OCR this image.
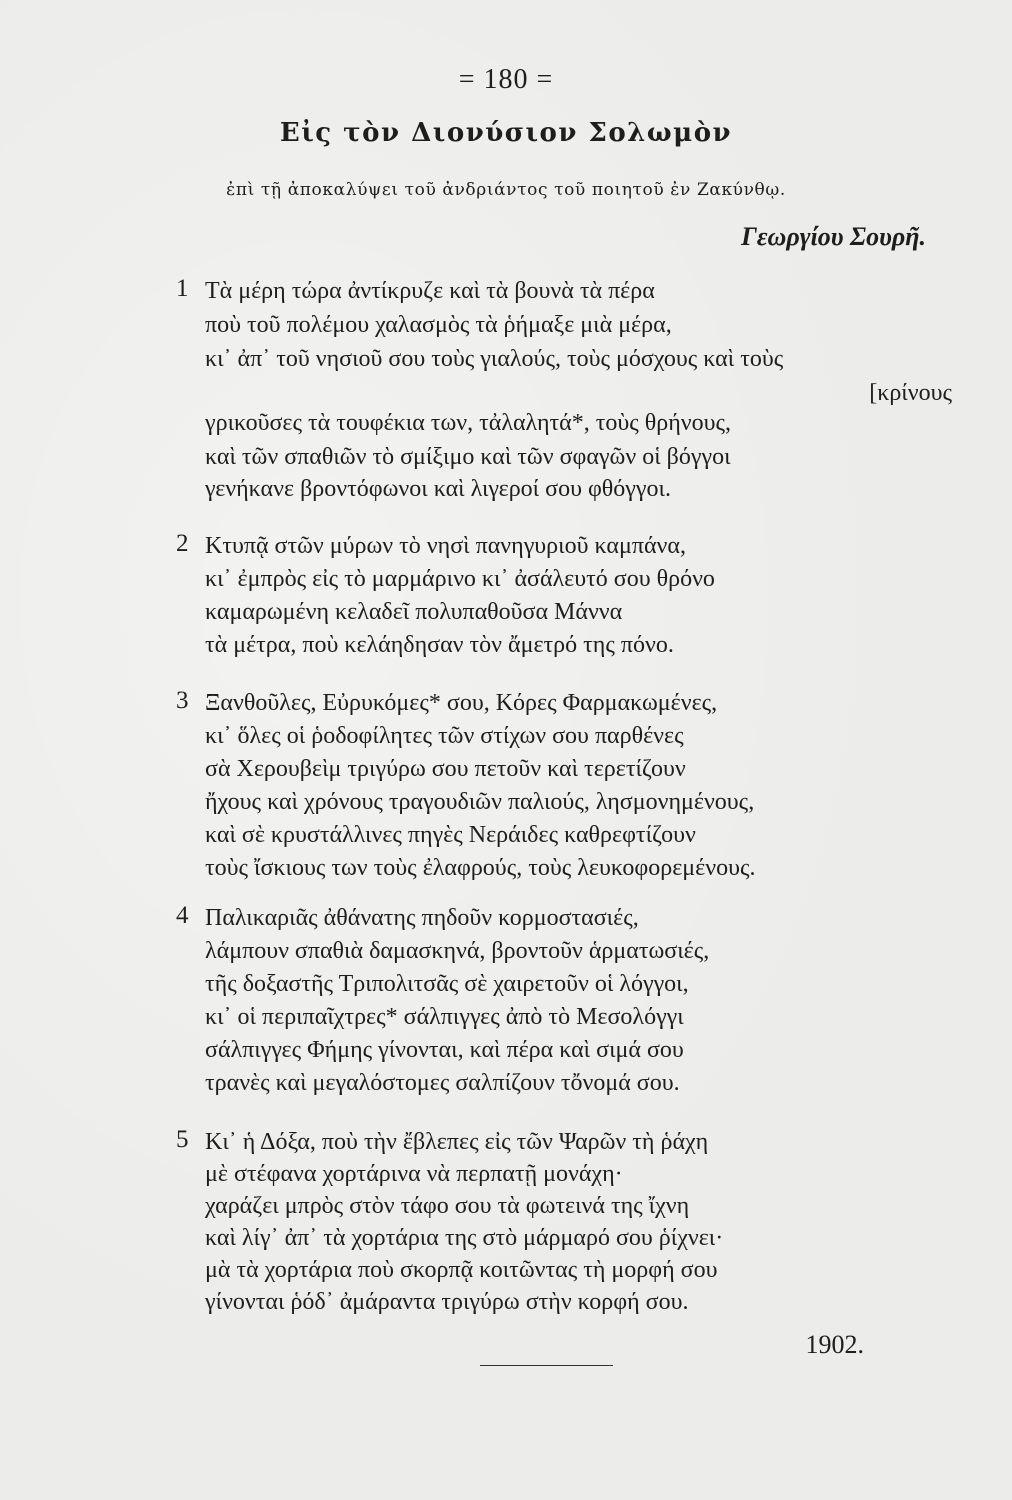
= 180 =
Εἰς τὸν Διονύσιον Σολωμὸν
ἐπὶ τῇ ἀποκαλύψει τοῦ ἀνδριάντος τοῦ ποιητοῦ ἐν Ζακύνθῳ.
Γεωργίου Σουρῆ.
1 Τὰ μέρη τώρα ἀντίκρυζε καὶ τὰ βουνὰ τὰ πέρα
ποὺ τοῦ πολέμου χαλασμὸς τὰ ῥήμαξε μιὰ μέρα,
κι᾽ ἀπ᾽ τοῦ νησιοῦ σου τοὺς γιαλούς, τοὺς μόσχους καὶ τοὺς
[κρίνους
γρικοῦσες τὰ τουφέκια των, τἀλαλητά*, τοὺς θρήνους,
καὶ τῶν σπαθιῶν τὸ σμίξιμο καὶ τῶν σφαγῶν οἱ βόγγοι
γενήκανε βροντόφωνοι καὶ λιγεροί σου φθόγγοι.
2 Κτυπᾷ στῶν μύρων τὸ νησὶ πανηγυριοῦ καμπάνα,
κι᾽ ἐμπρὸς εἰς τὸ μαρμάρινο κι᾽ ἀσάλευτό σου θρόνο
καμαρωμένη κελαδεῖ πολυπαθοῦσα Μάννα
τὰ μέτρα, ποὺ κελάηδησαν τὸν ἄμετρό της πόνο.
3 Ξανθοῦλες, Εὐρυκόμες* σου, Κόρες Φαρμακωμένες,
κι᾽ ὅλες οἱ ῥοδοφίλητες τῶν στίχων σου παρθένες
σὰ Χερουβεὶμ τριγύρω σου πετοῦν καὶ τερετίζουν
ἤχους καὶ χρόνους τραγουδιῶν παλιούς, λησμονημένους,
καὶ σὲ κρυστάλλινες πηγὲς Νεράιδες καθρεφτίζουν
τοὺς ἴσκιους των τοὺς ἐλαφρούς, τοὺς λευκοφορεμένους.
4 Παλικαριᾶς ἀθάνατης πηδοῦν κορμοστασιές,
λάμπουν σπαθιὰ δαμασκηνά, βροντοῦν ἁρματωσιές,
τῆς δοξαστῆς Τριπολιτσᾶς σὲ χαιρετοῦν οἱ λόγγοι,
κι᾽ οἱ περιπαῖχτρες* σάλπιγγες ἀπὸ τὸ Μεσολόγγι
σάλπιγγες Φήμης γίνονται, καὶ πέρα καὶ σιμά σου
τρανὲς καὶ μεγαλόστομες σαλπίζουν τὄνομά σου.
5 Κι᾽ ἡ Δόξα, ποὺ τὴν ἔβλεπες εἰς τῶν Ψαρῶν τὴ ῥάχη
μὲ στέφανα χορτάρινα νὰ περπατῇ μονάχη·
χαράζει μπρὸς στὸν τάφο σου τὰ φωτεινά της ἴχνη
καὶ λίγ᾽ ἀπ᾽ τὰ χορτάρια της στὸ μάρμαρό σου ῥίχνει·
μὰ τὰ χορτάρια ποὺ σκορπᾷ κοιτῶντας τὴ μορφή σου
γίνονται ῥόδ᾽ ἀμάραντα τριγύρω στὴν κορφή σου.
1902.
